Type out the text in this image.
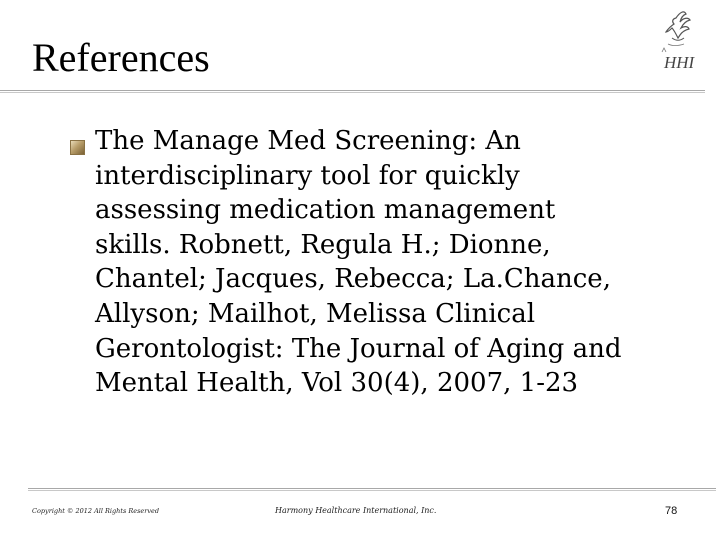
References	HHI

The Manage Med Screening: An
interdisciplinary tool for quickly
assessing medication management
skills. Robnett, Regula H.; Dionne,
Chantel; Jacques, Rebecca; La.Chance,
Allyson; Mailhot, Melissa Clinical
Gerontologist: The Journal of Aging and
Mental Health, Vol 30(4), 2007, 1-23

Copyright © 2012 All Rights Reserved	Harmony Healthcare International, Inc.	78
